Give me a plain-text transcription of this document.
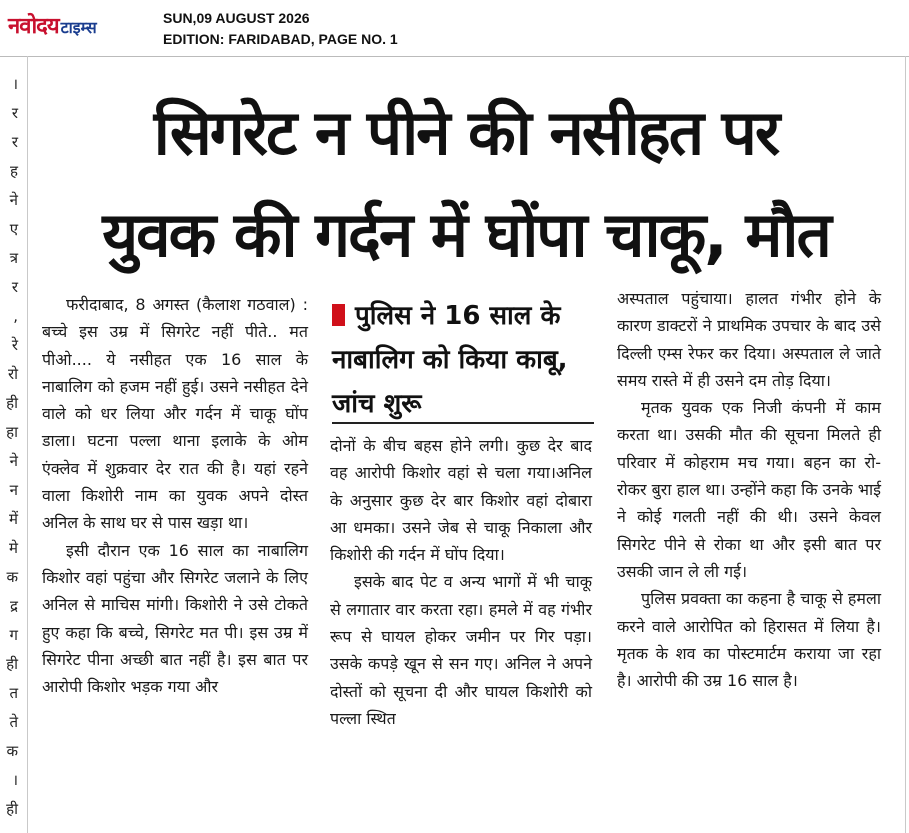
नवोदय टाइम्स	SUN,09 AUGUST 2026
EDITION: FARIDABAD, PAGE NO. 1
।
र
र
ह
ने
ए
त्र
र
,
रे
रो
ही
हा
ने
न
में
मे
क
द्र
ग
ही
त
ते
क
।
ही
सिगरेट न पीने की नसीहत पर
युवक की गर्दन में घोंपा चाकू, मौत

फरीदाबाद, 8 अगस्त (कैलाश गठवाल) : बच्चे इस उम्र में सिगरेट नहीं पीते.. मत पीओ.... ये नसीहत एक 16 साल के नाबालिग को हजम नहीं हुई। उसने नसीहत देने वाले को धर लिया और गर्दन में चाकू घोंप डाला। घटना पल्ला थाना इलाके के ओम एंक्लेव में शुक्रवार देर रात की है। यहां रहने वाला किशोरी नाम का युवक अपने दोस्त अनिल के साथ घर से पास खड़ा था।

इसी दौरान एक 16 साल का नाबालिग किशोर वहां पहुंचा और सिगरेट जलाने के लिए अनिल से माचिस मांगी। किशोरी ने उसे टोकते हुए कहा कि बच्चे, सिगरेट मत पी। इस उम्र में सिगरेट पीना अच्छी बात नहीं है। इस बात पर आरोपी किशोर भड़क गया और

पुलिस ने 16 साल के नाबालिग को किया काबू, जांच शुरू

दोनों के बीच बहस होने लगी। कुछ देर बाद वह आरोपी किशोर वहां से चला गया।अनिल के अनुसार कुछ देर बार किशोर वहां दोबारा आ धमका। उसने जेब से चाकू निकाला और किशोरी की गर्दन में घोंप दिया।

इसके बाद पेट व अन्य भागों में भी चाकू से लगातार वार करता रहा। हमले में वह गंभीर रूप से घायल होकर जमीन पर गिर पड़ा। उसके कपड़े खून से सन गए। अनिल ने अपने दोस्तों को सूचना दी और घायल किशोरी को पल्ला स्थित

अस्पताल पहुंचाया। हालत गंभीर होने के कारण डाक्टरों ने प्राथमिक उपचार के बाद उसे दिल्ली एम्स रेफर कर दिया। अस्पताल ले जाते समय रास्ते में ही उसने दम तोड़ दिया।

मृतक युवक एक निजी कंपनी में काम करता था। उसकी मौत की सूचना मिलते ही परिवार में कोहराम मच गया। बहन का रो-रोकर बुरा हाल था। उन्होंने कहा कि उनके भाई ने कोई गलती नहीं की थी। उसने केवल सिगरेट पीने से रोका था और इसी बात पर उसकी जान ले ली गई।

पुलिस प्रवक्ता का कहना है चाकू से हमला करने वाले आरोपित को हिरासत में लिया है। मृतक के शव का पोस्टमार्टम कराया जा रहा है। आरोपी की उम्र 16 साल है।
